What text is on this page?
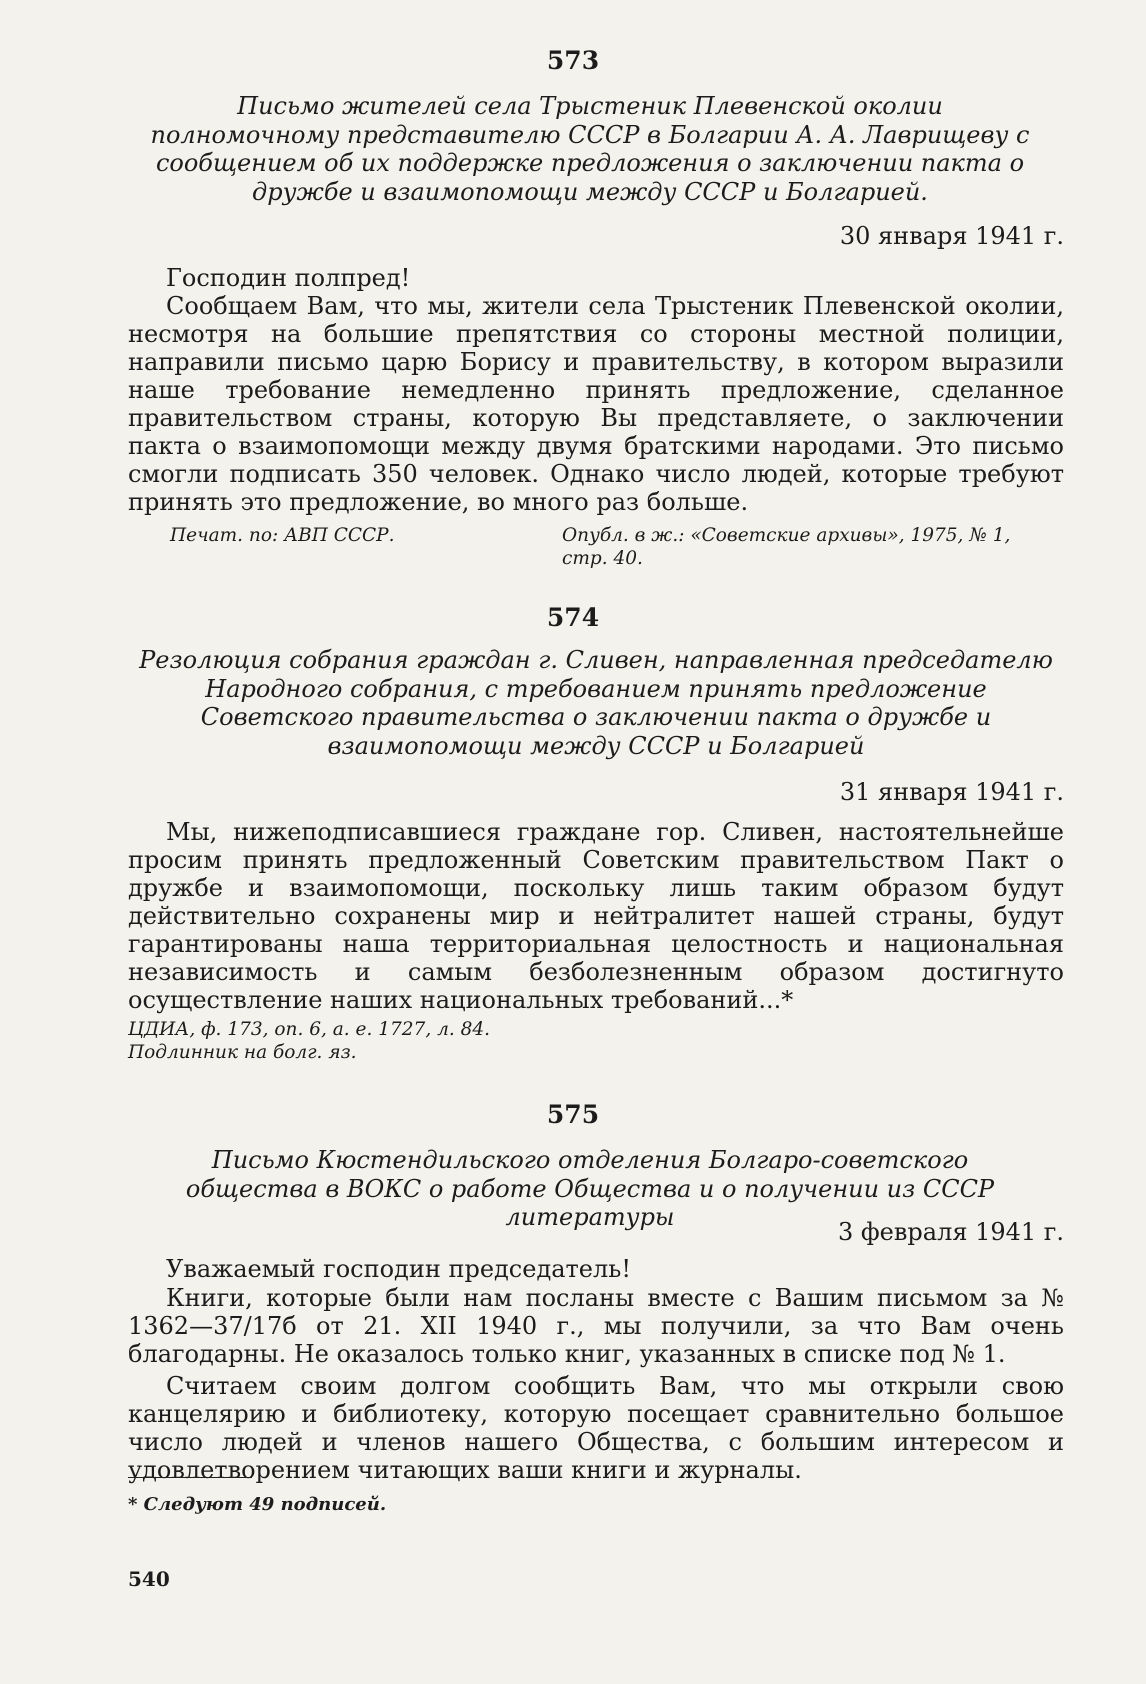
573
Письмо жителей села Трыстеник Плевенской околии полномочному представителю СССР в Болгарии А. А. Лаврищеву с сообщением об их поддержке предложения о заключении пакта о дружбе и взаимопомощи между СССР и Болгарией.
30 января 1941 г.
Господин полпред!

Сообщаем Вам, что мы, жители села Трыстеник Плевенской околии, несмотря на большие препятствия со стороны местной полиции, направили письмо царю Борису и правительству, в котором выразили наше требование немедленно принять предложение, сделанное правительством страны, которую Вы представляете, о заключении пакта о взаимопомощи между двумя братскими народами. Это письмо смогли подписать 350 человек. Однако число людей, которые требуют принять это предложение, во много раз больше.

Печат. по: АВП СССР.	Опубл. в ж.: «Советские архивы», 1975, № 1,
стр. 40.
574
Резолюция собрания граждан г. Сливен, направленная председателю Народного собрания, с требованием принять предложение Советского правительства о заключении пакта о дружбе и взаимопомощи между СССР и Болгарией
31 января 1941 г.

Мы, нижеподписавшиеся граждане гор. Сливен, настоятельнейше просим принять предложенный Советским правительством Пакт о дружбе и взаимопомощи, поскольку лишь таким образом будут действительно сохранены мир и нейтралитет нашей страны, будут гарантированы наша территориальная целостность и национальная независимость и самым безболезненным образом достигнуто осуществление наших национальных требований...*

ЦДИА, ф. 173, оп. 6, а. е. 1727, л. 84.
Подлинник на болг. яз.
575
Письмо Кюстендильского отделения Болгаро-советского общества в ВОКС о работе Общества и о получении из СССР литературы
3 февраля 1941 г.
Уважаемый господин председатель!

Книги, которые были нам посланы вместе с Вашим письмом за № 1362—37/17б от 21. XII 1940 г., мы получили, за что Вам очень благодарны. Не оказалось только книг, указанных в списке под № 1.

Считаем своим долгом сообщить Вам, что мы открыли свою канцелярию и библиотеку, которую посещает сравнительно большое число людей и членов нашего Общества, с большим интересом и удовлетворением читающих ваши книги и журналы.

* Следуют 49 подписей.
540
